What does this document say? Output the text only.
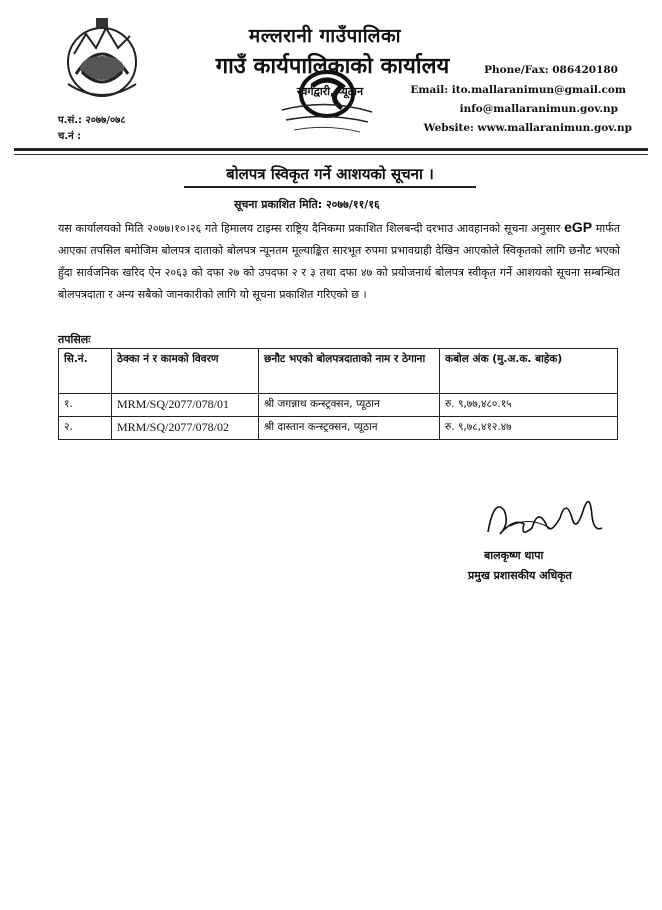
मल्लरानी गाउँपालिका
गाउँ कार्यपालिकाको कार्यालय
स्वर्गद्वारी, प्यूठान
Phone/Fax: 086420180
Email: ito.mallaranimun@gmail.com
info@mallaranimun.gov.np
Website: www.mallaranimun.gov.np
प.सं.: २०७७/०७८
च.नं :
बोलपत्र स्विकृत गर्ने आशयको सूचना ।
सूचना प्रकाशित मिति: २०७७/११/१६
यस कार्यालयको मिति २०७७।१०।२६ गते हिमालय टाइम्स राष्ट्रिय दैनिकमा प्रकाशित शिलबन्दी दरभाउ आवहानको सूचना अनुसार eGP मार्फत आएका तपसिल बमोजिम बोलपत्र दाताको बोलपत्र न्यूनतम मूल्याङ्कित सारभूत रुपमा प्रभावग्राही देखिन आएकोले स्विकृतको लागि छनौट भएको हुँदा सार्वजनिक खरिद ऐन २०६३ को दफा २७ को उपदफा २ र ३ तथा दफा ४७ को प्रयोजनार्थ बोलपत्र स्वीकृत गर्ने आशयको सूचना सम्बन्धित बोलपत्रदाता र अन्य सबैको जानकारीको लागि यो सूचना प्रकाशित गरिएको छ ।
तपसिलः
सि.नं.	ठेक्का नं र कामको विवरण	छनौट भएको बोलपत्रदाताको नाम र ठेगाना	कबोल अंक (मु.अ.क. बाहेक)
१.	MRM/SQ/2077/078/01	श्री जगन्नाथ कन्स्ट्रक्सन, प्यूठान	रु. ९,७७,४८०.१५
२.	MRM/SQ/2077/078/02	श्री दास्तान कन्स्ट्रक्सन, प्यूठान	रु. ९,७८,४१२.४७
बालकृष्ण थापा
प्रमुख प्रशासकीय अधिकृत
